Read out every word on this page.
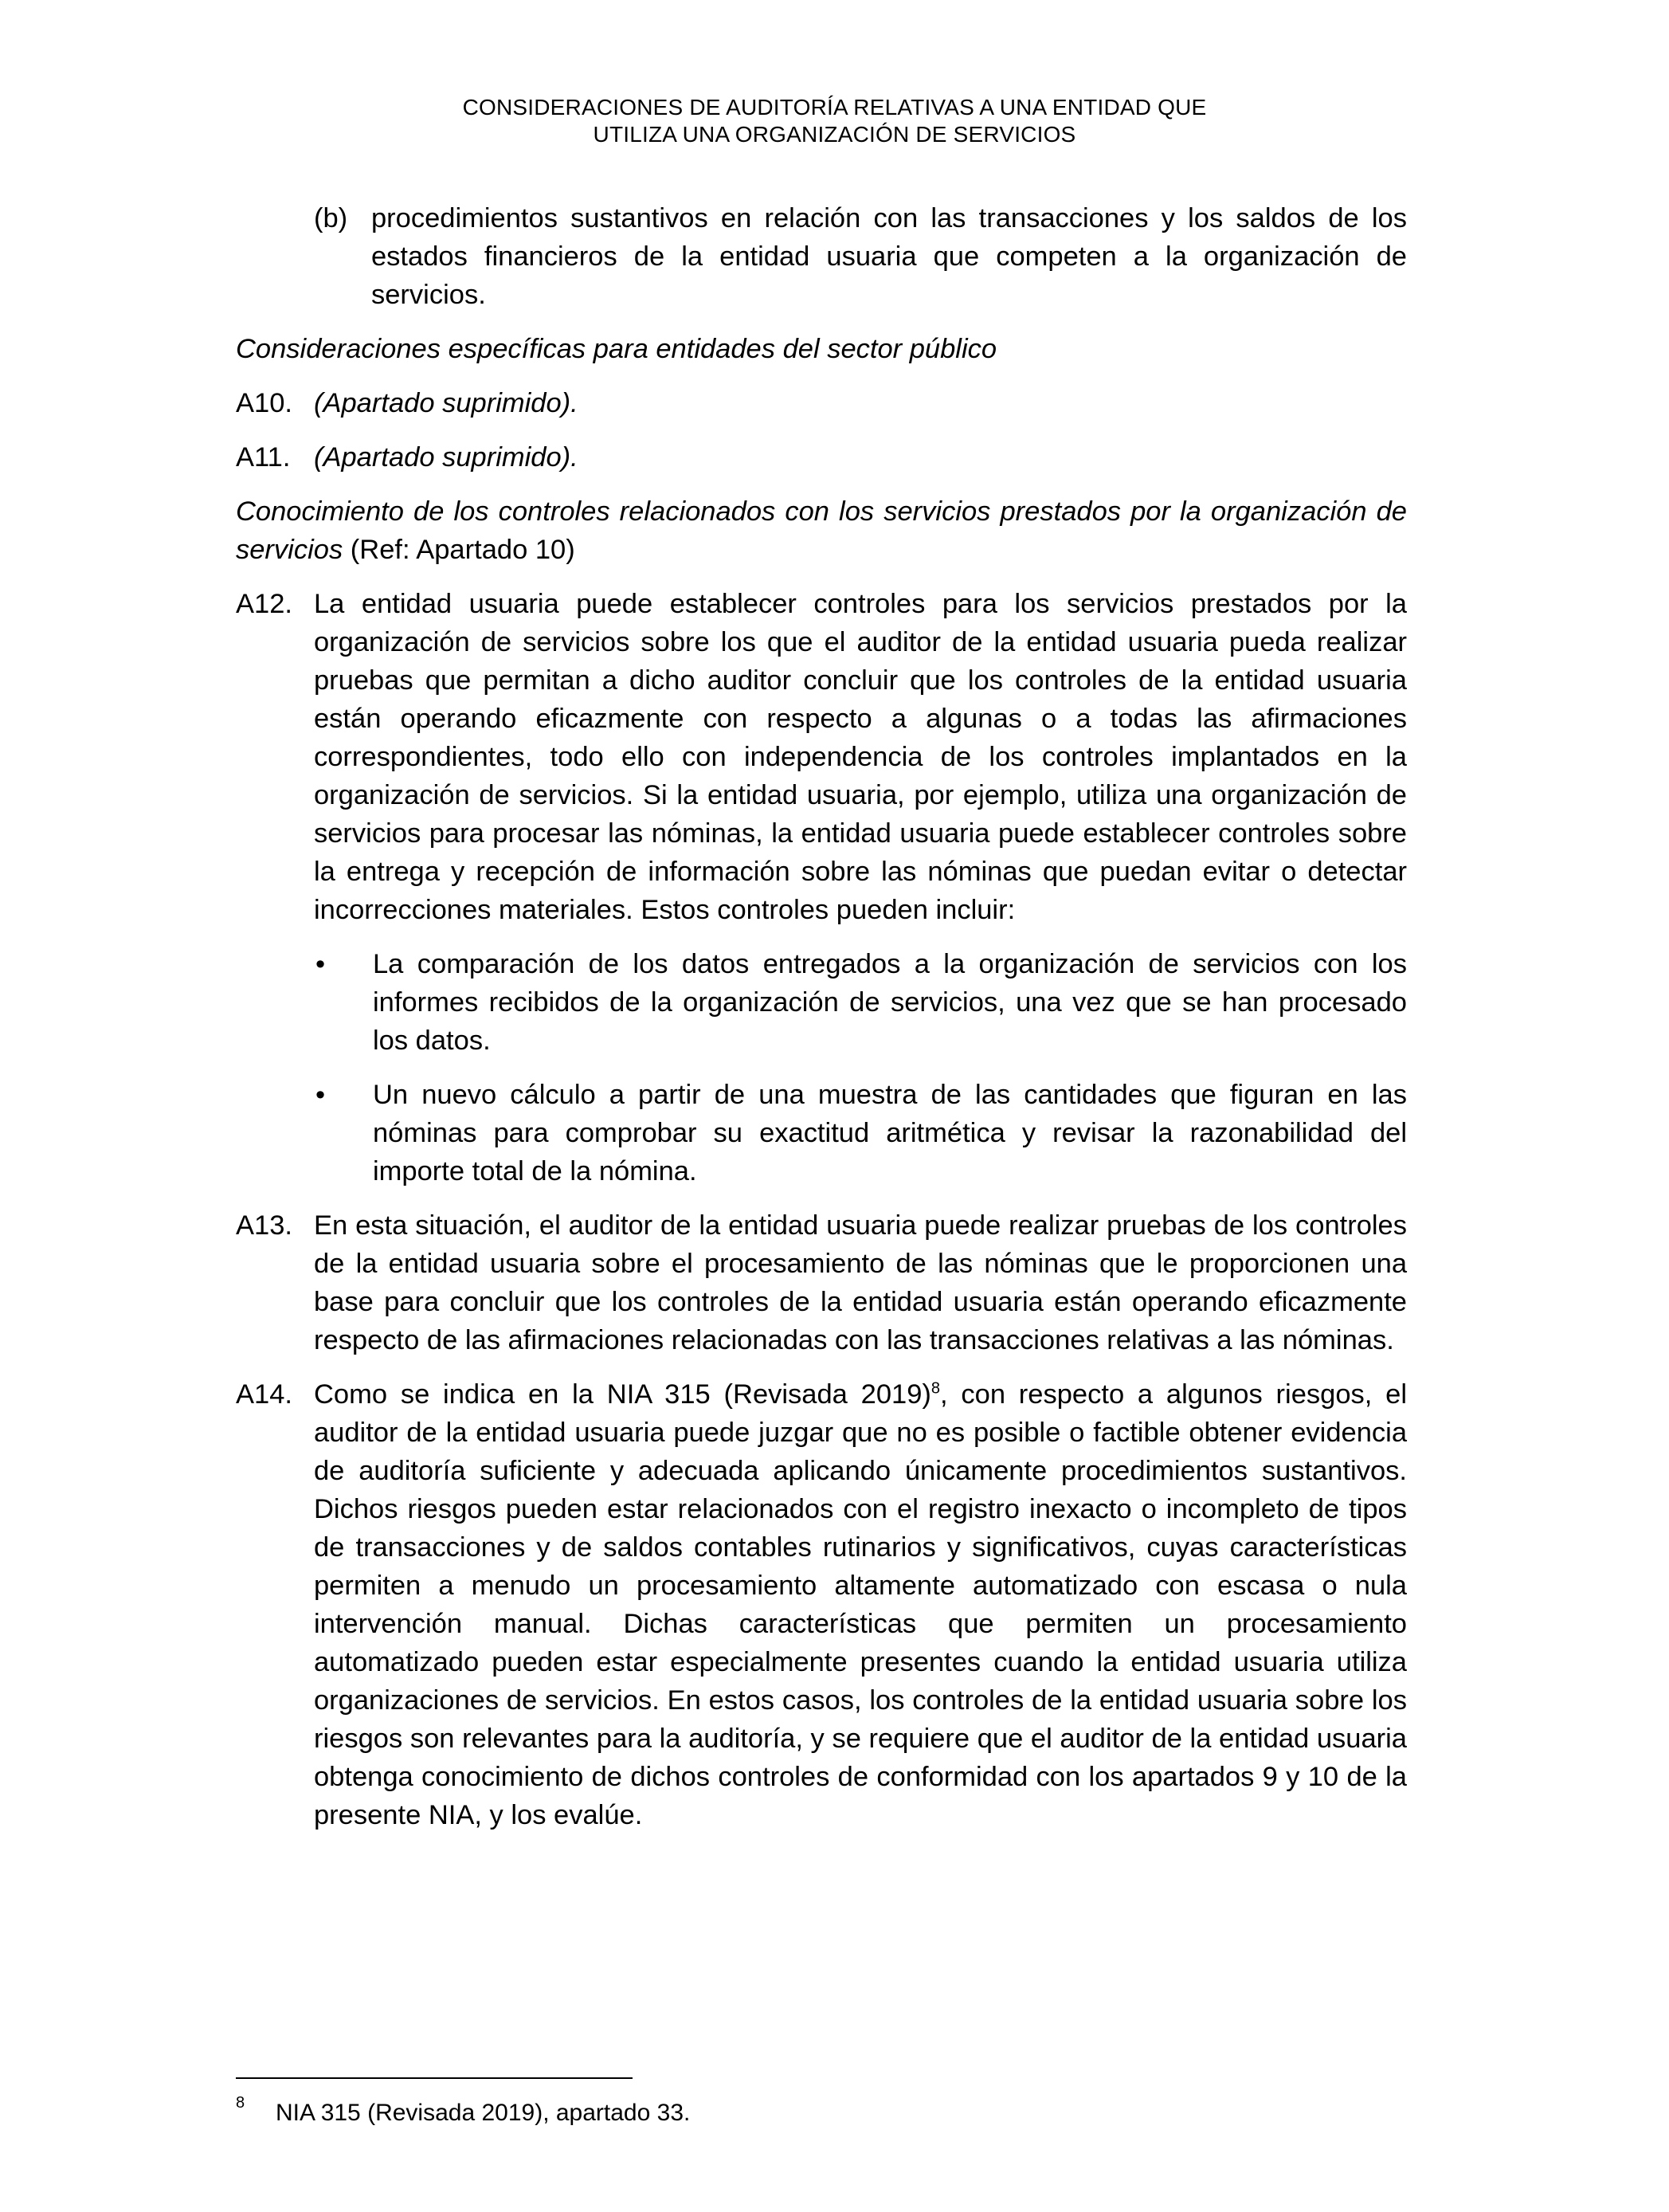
CONSIDERACIONES DE AUDITORÍA RELATIVAS A UNA ENTIDAD QUE
UTILIZA UNA ORGANIZACIÓN DE SERVICIOS
(b) procedimientos sustantivos en relación con las transacciones y los saldos de los estados financieros de la entidad usuaria que competen a la organización de servicios.
Consideraciones específicas para entidades del sector público
A10. (Apartado suprimido).
A11. (Apartado suprimido).
Conocimiento de los controles relacionados con los servicios prestados por la organización de servicios (Ref: Apartado 10)
A12. La entidad usuaria puede establecer controles para los servicios prestados por la organización de servicios sobre los que el auditor de la entidad usuaria pueda realizar pruebas que permitan a dicho auditor concluir que los controles de la entidad usuaria están operando eficazmente con respecto a algunas o a todas las afirmaciones correspondientes, todo ello con independencia de los controles implantados en la organización de servicios. Si la entidad usuaria, por ejemplo, utiliza una organización de servicios para procesar las nóminas, la entidad usuaria puede establecer controles sobre la entrega y recepción de información sobre las nóminas que puedan evitar o detectar incorrecciones materiales. Estos controles pueden incluir:
•	La comparación de los datos entregados a la organización de servicios con los informes recibidos de la organización de servicios, una vez que se han procesado los datos.
•	Un nuevo cálculo a partir de una muestra de las cantidades que figuran en las nóminas para comprobar su exactitud aritmética y revisar la razonabilidad del importe total de la nómina.
A13. En esta situación, el auditor de la entidad usuaria puede realizar pruebas de los controles de la entidad usuaria sobre el procesamiento de las nóminas que le proporcionen una base para concluir que los controles de la entidad usuaria están operando eficazmente respecto de las afirmaciones relacionadas con las transacciones relativas a las nóminas.
A14. Como se indica en la NIA 315 (Revisada 2019)$^8$, con respecto a algunos riesgos, el auditor de la entidad usuaria puede juzgar que no es posible o factible obtener evidencia de auditoría suficiente y adecuada aplicando únicamente procedimientos sustantivos. Dichos riesgos pueden estar relacionados con el registro inexacto o incompleto de tipos de transacciones y de saldos contables rutinarios y significativos, cuyas características permiten a menudo un procesamiento altamente automatizado con escasa o nula intervención manual. Dichas características que permiten un procesamiento automatizado pueden estar especialmente presentes cuando la entidad usuaria utiliza organizaciones de servicios. En estos casos, los controles de la entidad usuaria sobre los riesgos son relevantes para la auditoría, y se requiere que el auditor de la entidad usuaria obtenga conocimiento de dichos controles de conformidad con los apartados 9 y 10 de la presente NIA, y los evalúe.
8	NIA 315 (Revisada 2019), apartado 33.
